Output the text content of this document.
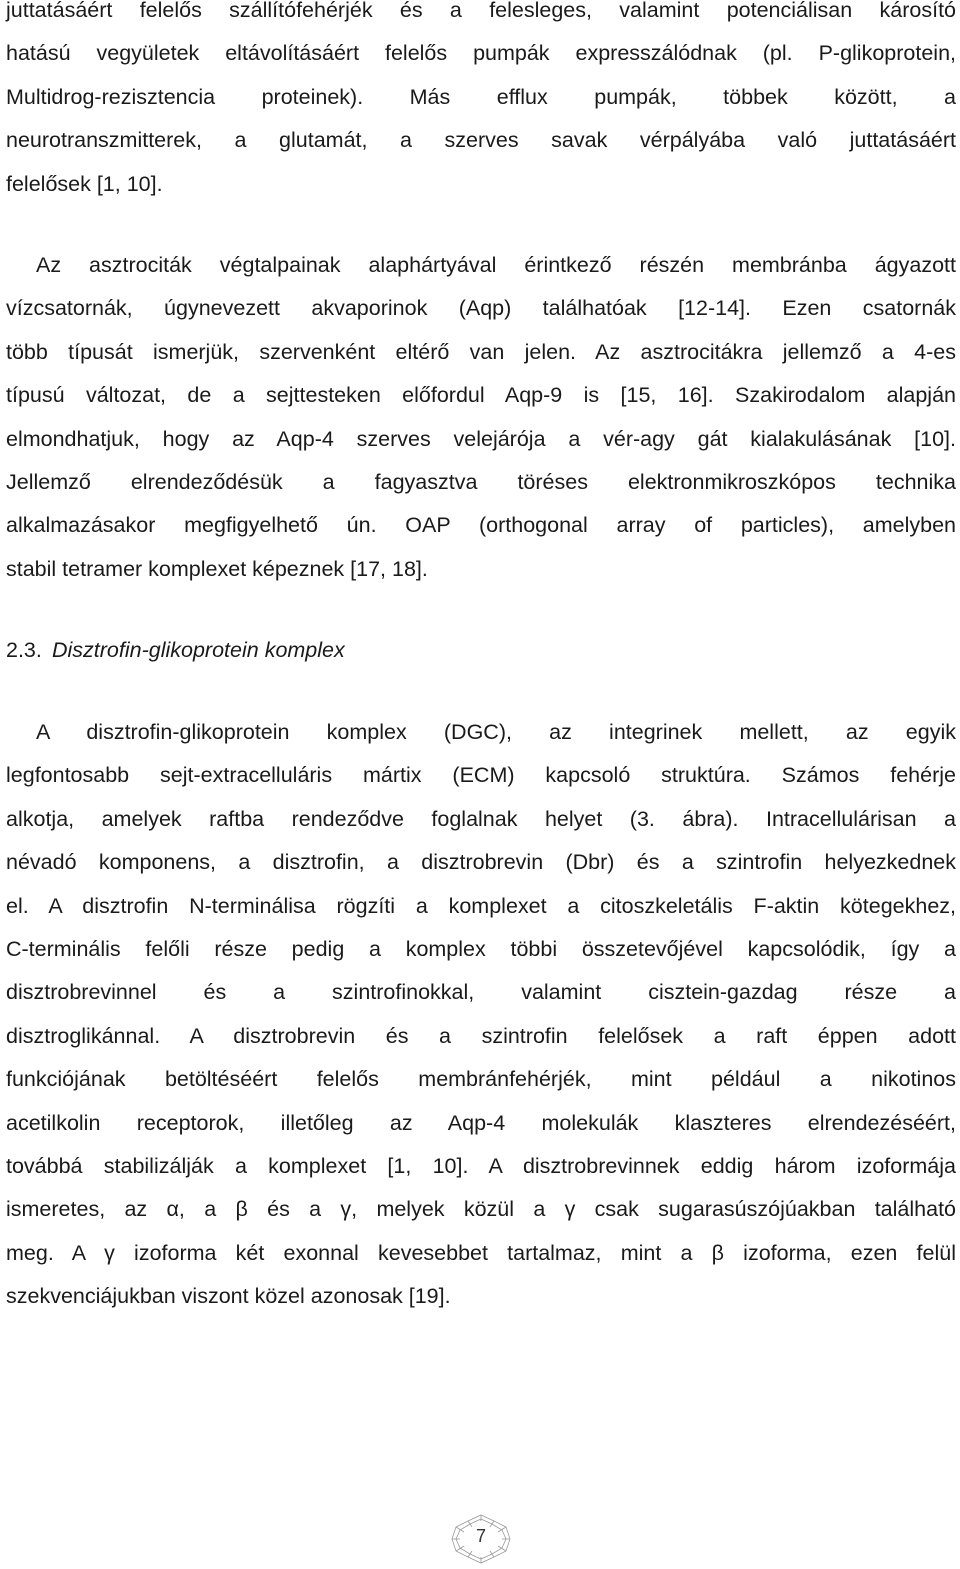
juttatásáért felelős szállítófehérjék és a felesleges, valamint potenciálisan károsító
hatású vegyületek eltávolításáért felelős pumpák expresszálódnak (pl. P-glikoprotein,
Multidrog-rezisztencia proteinek). Más efflux pumpák, többek között, a
neurotranszmitterek, a glutamát, a szerves savak vérpályába való juttatásáért
felelősek [1, 10].
Az asztrociták végtalpainak alaphártyával érintkező részén membránba ágyazott
vízcsatornák, úgynevezett akvaporinok (Aqp) találhatóak [12-14]. Ezen csatornák
több típusát ismerjük, szervenként eltérő van jelen. Az asztrocitákra jellemző a 4-es
típusú változat, de a sejttesteken előfordul Aqp-9 is [15, 16]. Szakirodalom alapján
elmondhatjuk, hogy az Aqp-4 szerves velejárója a vér-agy gát kialakulásának [10].
Jellemző elrendeződésük a fagyasztva töréses elektronmikroszkópos technika
alkalmazásakor megfigyelhető ún. OAP (orthogonal array of particles), amelyben
stabil tetramer komplexet képeznek [17, 18].
2.3. Disztrofin-glikoprotein komplex
A disztrofin-glikoprotein komplex (DGC), az integrinek mellett, az egyik
legfontosabb sejt-extracelluláris mártix (ECM) kapcsoló struktúra. Számos fehérje
alkotja, amelyek raftba rendeződve foglalnak helyet (3. ábra). Intracellulárisan a
névadó komponens, a disztrofin, a disztrobrevin (Dbr) és a szintrofin helyezkednek
el. A disztrofin N-terminálisa rögzíti a komplexet a citoszkeletális F-aktin kötegekhez,
C-terminális felőli része pedig a komplex többi összetevőjével kapcsolódik, így a
disztrobrevinnel és a szintrofinokkal, valamint cisztein-gazdag része a
disztroglikánnal. A disztrobrevin és a szintrofin felelősek a raft éppen adott
funkciójának betöltéséért felelős membránfehérjék, mint például a nikotinos
acetilkolin receptorok, illetőleg az Aqp-4 molekulák klaszteres elrendezéséért,
továbbá stabilizálják a komplexet [1, 10]. A disztrobrevinnek eddig három izoformája
ismeretes, az α, a β és a γ, melyek közül a γ csak sugarasúszójúakban található
meg. A γ izoforma két exonnal kevesebbet tartalmaz, mint a β izoforma, ezen felül
szekvenciájukban viszont közel azonosak [19].
7
